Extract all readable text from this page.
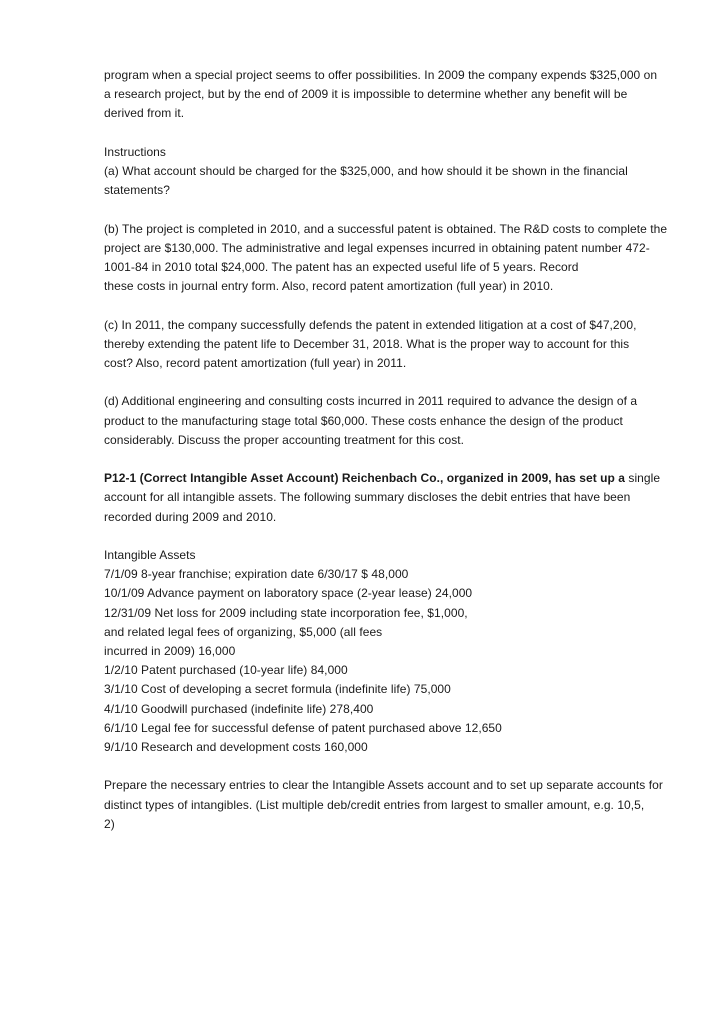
program when a special project seems to offer possibilities. In 2009 the company expends $325,000 on
a research project, but by the end of 2009 it is impossible to determine whether any benefit will be
derived from it.
Instructions
(a) What account should be charged for the $325,000, and how should it be shown in the financial
statements?
(b) The project is completed in 2010, and a successful patent is obtained. The R&D costs to complete the
project are $130,000. The administrative and legal expenses incurred in obtaining patent number 472-
1001-84 in 2010 total $24,000. The patent has an expected useful life of 5 years. Record
these costs in journal entry form. Also, record patent amortization (full year) in 2010.
(c) In 2011, the company successfully defends the patent in extended litigation at a cost of $47,200,
thereby extending the patent life to December 31, 2018. What is the proper way to account for this
cost? Also, record patent amortization (full year) in 2011.
(d) Additional engineering and consulting costs incurred in 2011 required to advance the design of a
product to the manufacturing stage total $60,000. These costs enhance the design of the product
considerably. Discuss the proper accounting treatment for this cost.
P12-1 (Correct Intangible Asset Account) Reichenbach Co., organized in 2009, has set up a single
account for all intangible assets. The following summary discloses the debit entries that have been
recorded during 2009 and 2010.
Intangible Assets
7/1/09 8-year franchise; expiration date 6/30/17 $ 48,000
10/1/09 Advance payment on laboratory space (2-year lease) 24,000
12/31/09 Net loss for 2009 including state incorporation fee, $1,000,
and related legal fees of organizing, $5,000 (all fees
incurred in 2009) 16,000
1/2/10 Patent purchased (10-year life) 84,000
3/1/10 Cost of developing a secret formula (indefinite life) 75,000
4/1/10 Goodwill purchased (indefinite life) 278,400
6/1/10 Legal fee for successful defense of patent purchased above 12,650
9/1/10 Research and development costs 160,000
Prepare the necessary entries to clear the Intangible Assets account and to set up separate accounts for
distinct types of intangibles. (List multiple deb/credit entries from largest to smaller amount, e.g. 10,5,
2)
